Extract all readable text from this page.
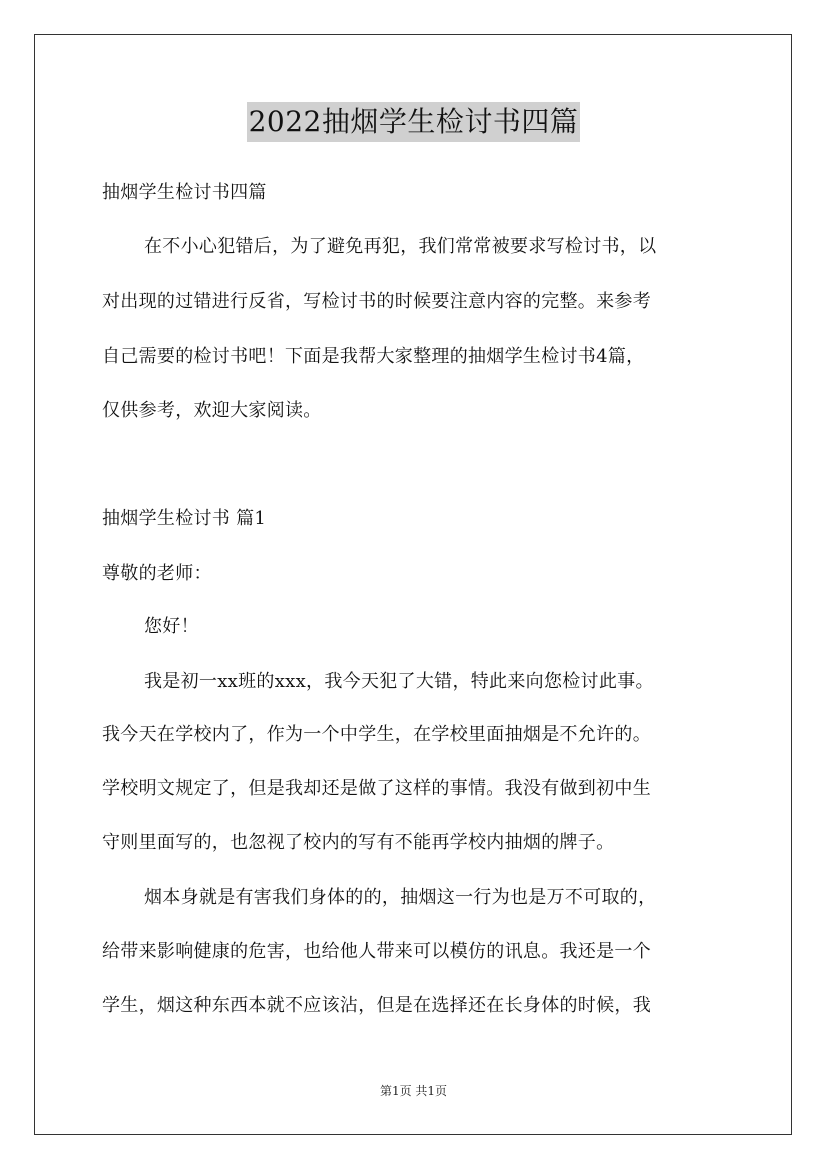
2022抽烟学生检讨书四篇
抽烟学生检讨书四篇
在不小心犯错后，为了避免再犯，我们常常被要求写检讨书，以
对出现的过错进行反省，写检讨书的时候要注意内容的完整。来参考
自己需要的检讨书吧！下面是我帮大家整理的抽烟学生检讨书4篇，
仅供参考，欢迎大家阅读。
抽烟学生检讨书 篇1
尊敬的老师：
您好！
我是初一xx班的xxx，我今天犯了大错，特此来向您检讨此事。
我今天在学校内了，作为一个中学生，在学校里面抽烟是不允许的。
学校明文规定了，但是我却还是做了这样的事情。我没有做到初中生
守则里面写的，也忽视了校内的写有不能再学校内抽烟的牌子。
烟本身就是有害我们身体的的，抽烟这一行为也是万不可取的，
给带来影响健康的危害，也给他人带来可以模仿的讯息。我还是一个
学生，烟这种东西本就不应该沾，但是在选择还在长身体的时候，我
第1页 共1页
